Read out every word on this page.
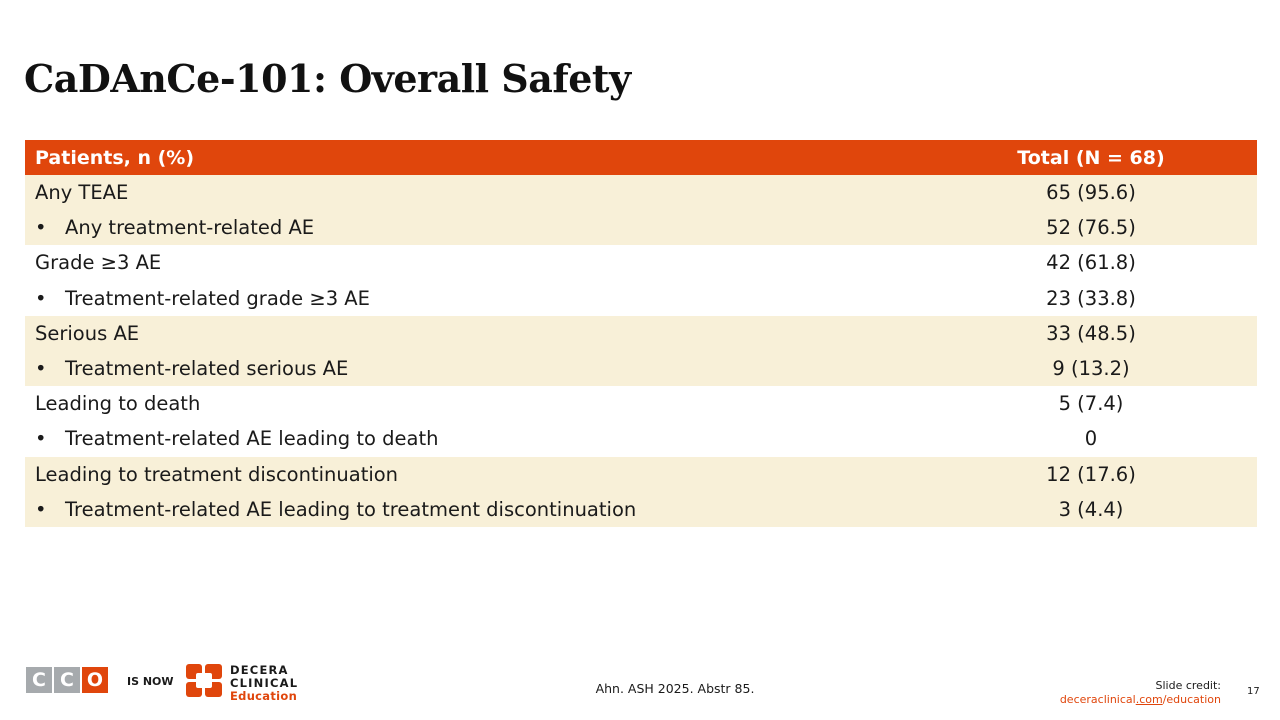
CaDAnCe-101: Overall Safety
Patients, n (%)	Total (N = 68)
Any TEAE	65 (95.6)
• Any treatment-related AE	52 (76.5)
Grade ≥3 AE	42 (61.8)
• Treatment-related grade ≥3 AE	23 (33.8)
Serious AE	33 (48.5)
• Treatment-related serious AE	9 (13.2)
Leading to death	5 (7.4)
• Treatment-related AE leading to death	0
Leading to treatment discontinuation	12 (17.6)
• Treatment-related AE leading to treatment discontinuation	3 (4.4)
C C O	IS NOW
DECERA
CLINICAL
Education	Ahn. ASH 2025. Abstr 85.	Slide credit:
deceraclinical.com/education
17
